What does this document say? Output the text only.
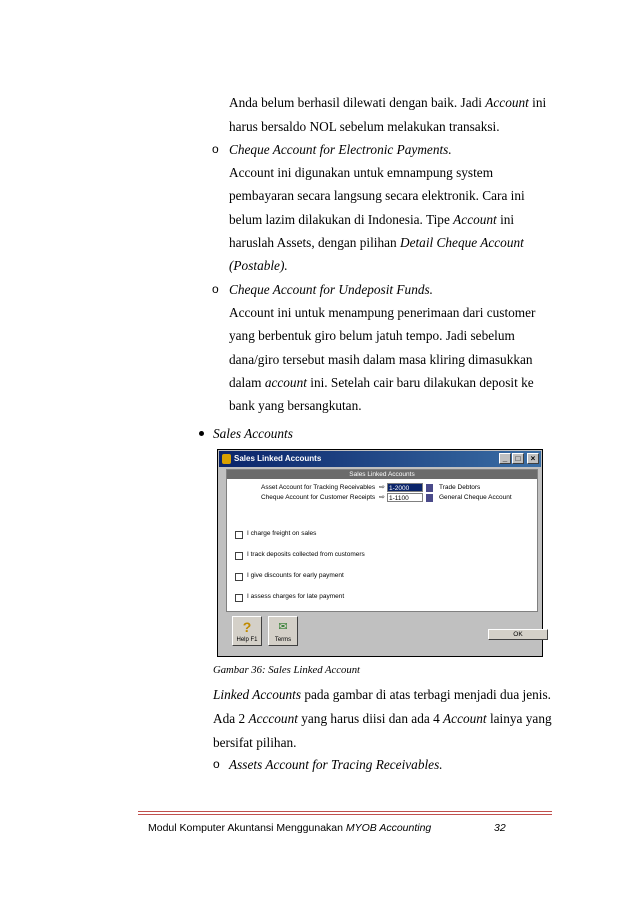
Anda belum berhasil dilewati dengan baik. Jadi Account ini
harus bersaldo NOL sebelum melakukan transaksi.
o Cheque Account for Electronic Payments.
Account ini digunakan untuk emnampung system
pembayaran secara langsung secara elektronik. Cara ini
belum lazim dilakukan di Indonesia. Tipe Account ini
haruslah Assets, dengan pilihan Detail Cheque Account
(Postable).
o Cheque Account for Undeposit Funds.
Account ini untuk menampung penerimaan dari customer
yang berbentuk giro belum jatuh tempo. Jadi sebelum
dana/giro tersebut masih dalam masa kliring dimasukkan
dalam account ini. Setelah cair baru dilakukan deposit ke
bank yang bersangkutan.
Sales Accounts
Sales Linked Accounts	_	□	×
Sales Linked Accounts
Asset Account for Tracking Receivables ⇨ 1-2000	Trade Debtors
Cheque Account for Customer Receipts ⇨ 1-1100	General Cheque Account
I charge freight on sales
I track deposits collected from customers
I give discounts for early payment
I assess charges for late payment
?
Help F1
✉
Terms
OK
Gambar 36: Sales Linked Account
Linked Accounts pada gambar di atas terbagi menjadi dua jenis.
Ada 2 Acccount yang harus diisi dan ada 4 Account lainya yang
bersifat pilihan.
o Assets Account for Tracing Receivables.
Modul Komputer Akuntansi Menggunakan MYOB Accounting	32
